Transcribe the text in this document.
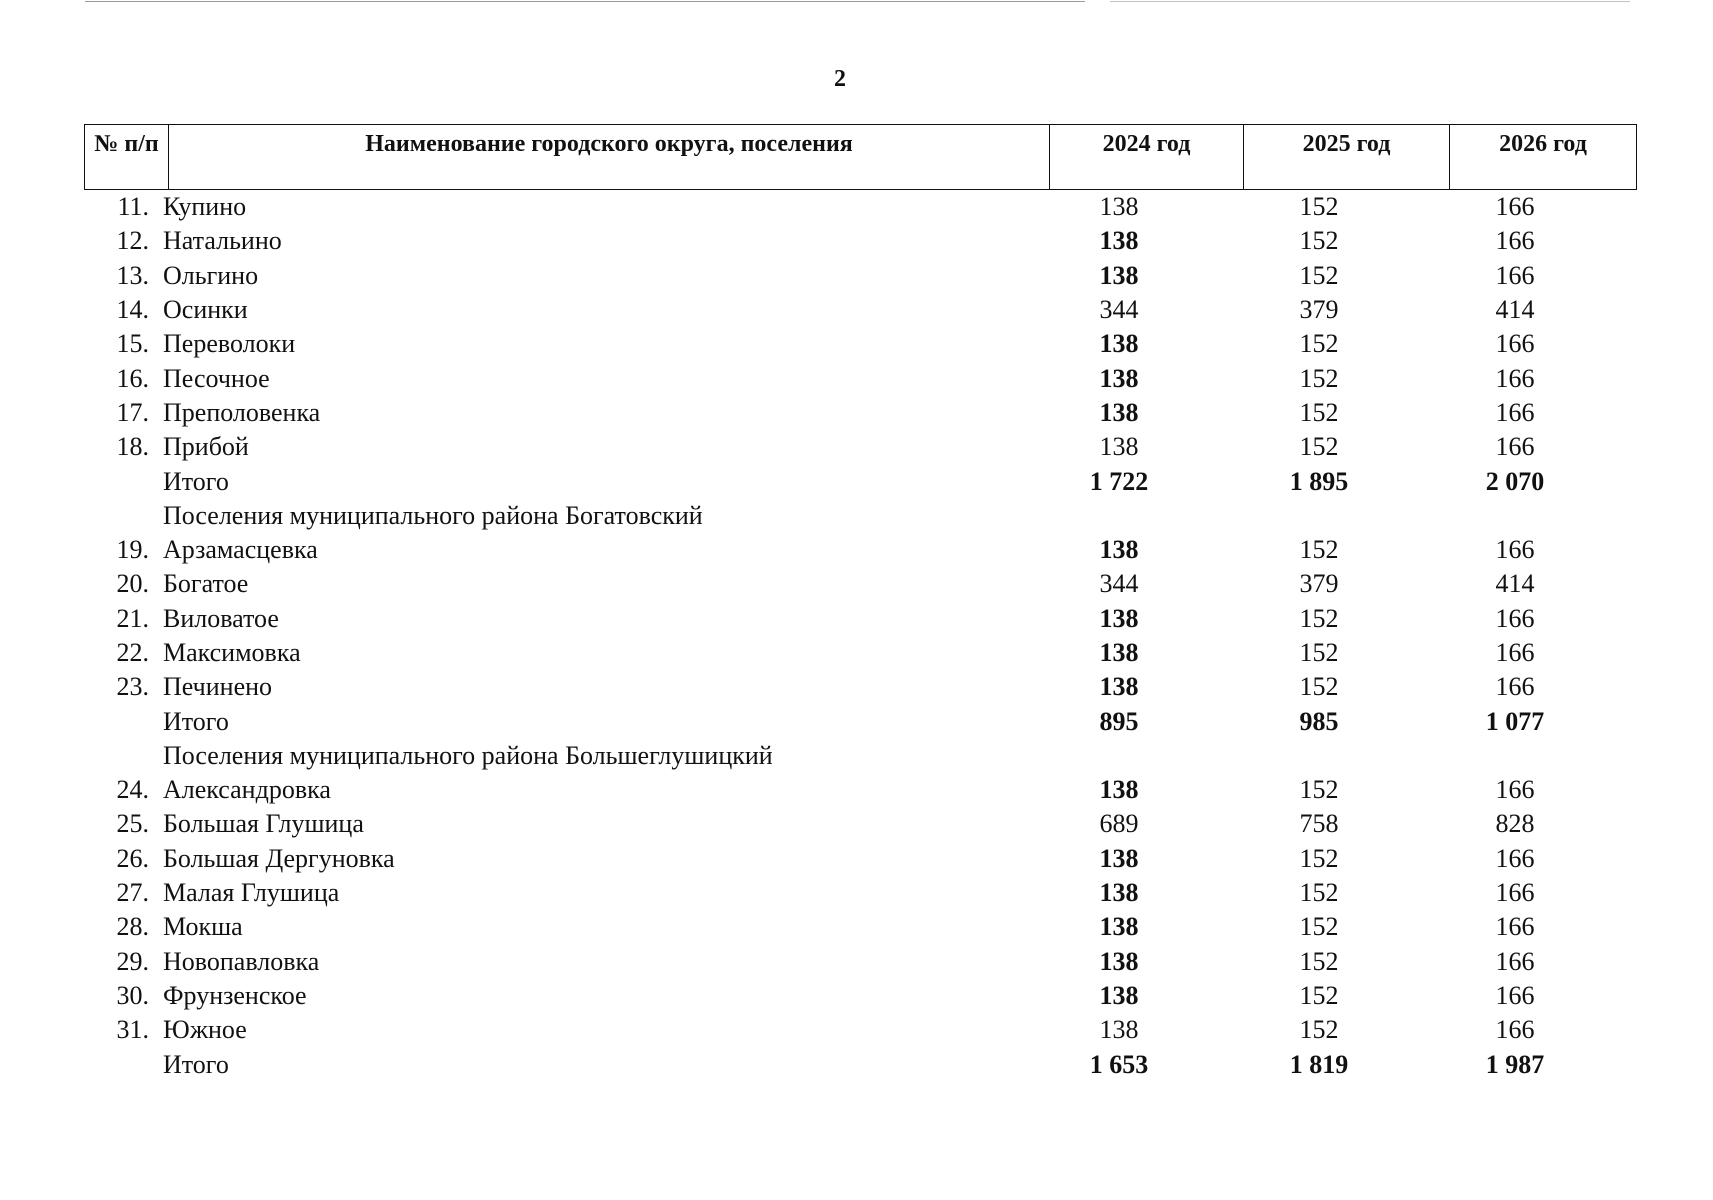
2
№ п/п	Наименование городского округа, поселения	2024 год	2025 год	2026 год
11. Купино	138	152	166
12. Натальино	138	152	166
13. Ольгино	138	152	166
14. Осинки	344	379	414
15. Переволоки	138	152	166
16. Песочное	138	152	166
17. Преполовенка	138	152	166
18. Прибой	138	152	166
Итого	1 722	1 895	2 070
Поселения муниципального района Богатовский
19. Арзамасцевка	138	152	166
20. Богатое	344	379	414
21. Виловатое	138	152	166
22. Максимовка	138	152	166
23. Печинено	138	152	166
Итого	895	985	1 077
Поселения муниципального района Большеглушицкий
24. Александровка	138	152	166
25. Большая Глушица	689	758	828
26. Большая Дергуновка	138	152	166
27. Малая Глушица	138	152	166
28. Мокша	138	152	166
29. Новопавловка	138	152	166
30. Фрунзенское	138	152	166
31. Южное	138	152	166
Итого	1 653	1 819	1 987
